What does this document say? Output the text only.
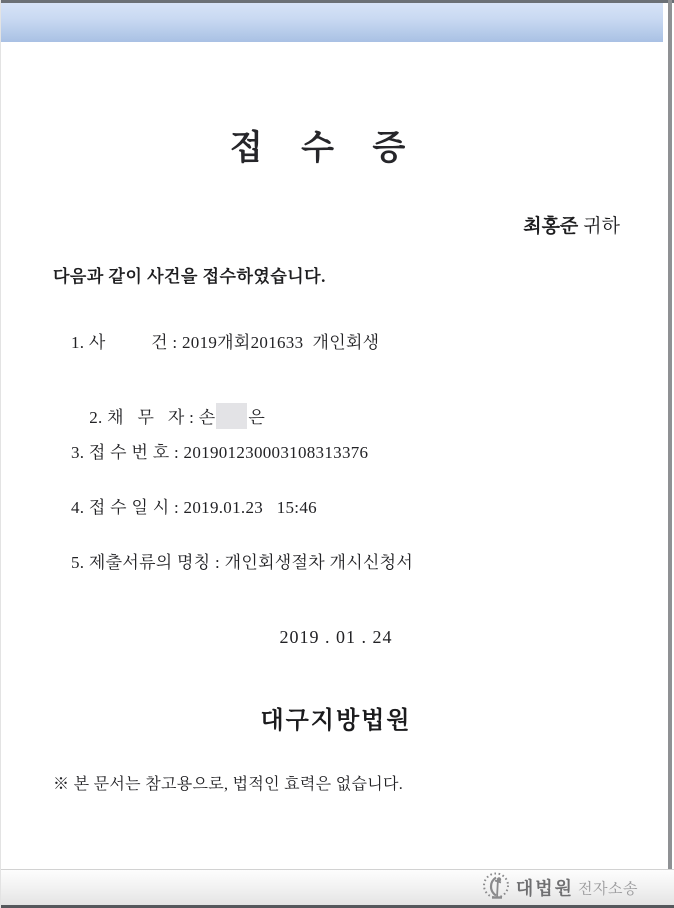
접 수 증
최홍준 귀하
다음과 같이 사건을 접수하였습니다.
1. 사          건 : 2019개회201633  개인회생

2. 채   무   자 : 손 은

3. 접 수 번 호 : 201901230003108313376
4. 접 수 일 시 : 2019.01.23   15:46
5. 제출서류의 명칭 : 개인회생절차 개시신청서
2019 . 01 . 24
대구지방법원
※ 본 문서는 참고용으로, 법적인 효력은 없습니다.
대법원 전자소송
